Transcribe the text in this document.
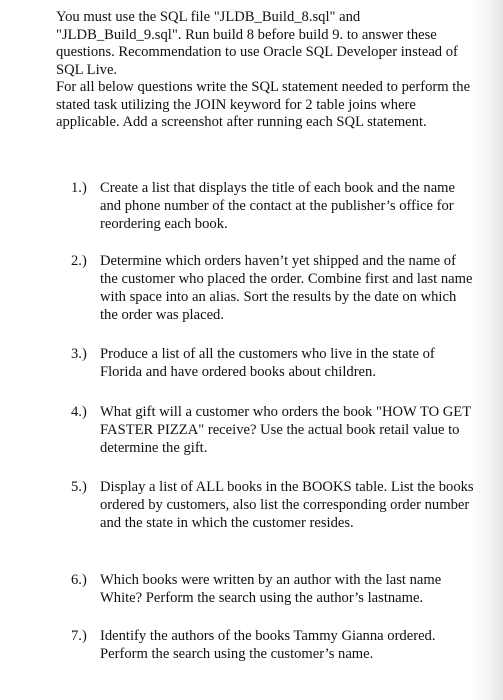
You must use the SQL file "JLDB_Build_8.sql" and "JLDB_Build_9.sql". Run build 8 before build 9. to answer these questions. Recommendation to use Oracle SQL Developer instead of SQL Live.

For all below questions write the SQL statement needed to perform the stated task utilizing the JOIN keyword for 2 table joins where applicable. Add a screenshot after running each SQL statement.

1.) Create a list that displays the title of each book and the name and phone number of the contact at the publisher’s office for reordering each book.
2.) Determine which orders haven’t yet shipped and the name of the customer who placed the order. Combine first and last name with space into an alias. Sort the results by the date on which the order was placed.
3.) Produce a list of all the customers who live in the state of Florida and have ordered books about children.
4.) What gift will a customer who orders the book "HOW TO GET FASTER PIZZA" receive? Use the actual book retail value to determine the gift.
5.) Display a list of ALL books in the BOOKS table. List the books ordered by customers, also list the corresponding order number and the state in which the customer resides.
6.) Which books were written by an author with the last name White? Perform the search using the author’s lastname.
7.) Identify the authors of the books Tammy Gianna ordered. Perform the search using the customer’s name.
